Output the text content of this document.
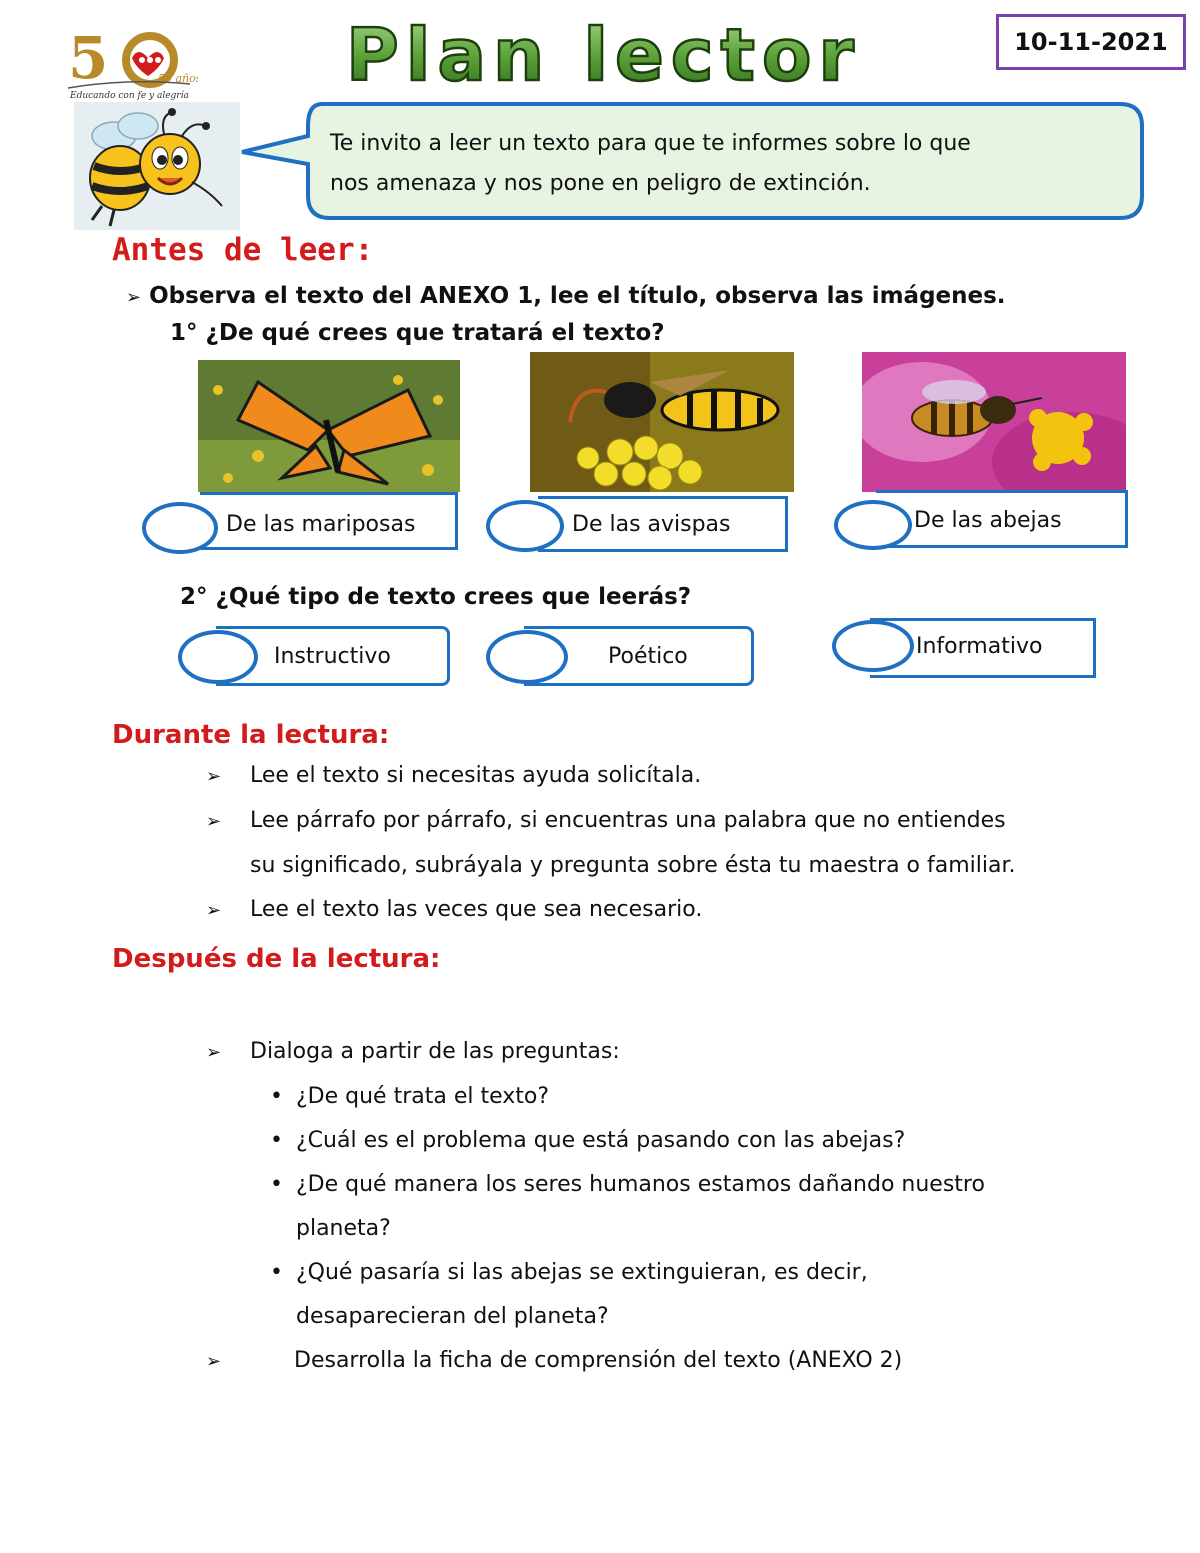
5	50 años
Educando con fe y alegría Plan lector	10-11-2021
Te invito a leer un texto para que te informes sobre lo que
nos amenaza y nos pone en peligro de extinción.
Antes de leer:
➢ Observa el texto del ANEXO 1, lee el título, observa las imágenes.
1° ¿De qué crees que tratará el texto?
De las mariposas	De las avispas	De las abejas
2° ¿Qué tipo de texto crees que leerás?
Instructivo	Poético	Informativo
Durante la lectura:
➢ Lee el texto si necesitas ayuda solicítala.
➢ Lee párrafo por párrafo, si encuentras una palabra que no entiendes
su significado, subráyala y pregunta sobre ésta tu maestra o familiar.
➢ Lee el texto las veces que sea necesario.
Después de la lectura:
➢ Dialoga a partir de las preguntas:
• ¿De qué trata el texto?
• ¿Cuál es el problema que está pasando con las abejas?
• ¿De qué manera los seres humanos estamos dañando nuestro
planeta?
• ¿Qué pasaría si las abejas se extinguieran, es decir,
desaparecieran del planeta?
➢	Desarrolla la ficha de comprensión del texto (ANEXO 2)
